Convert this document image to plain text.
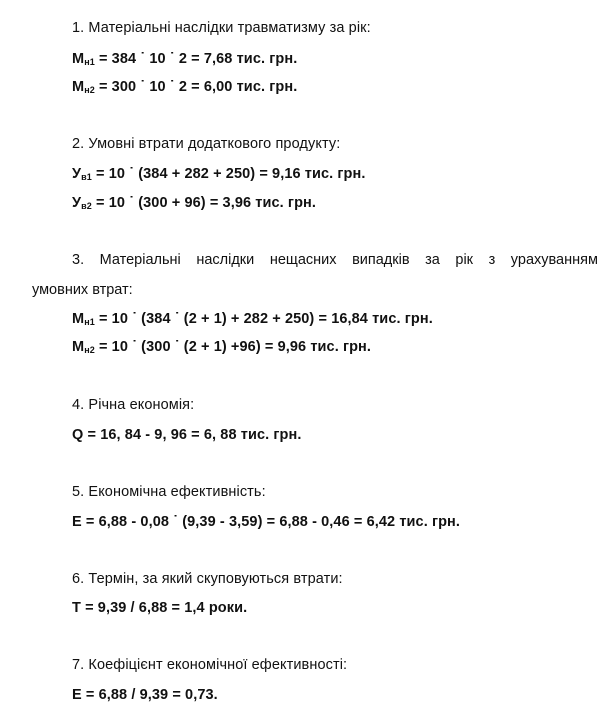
1. Матеріальні наслідки травматизму за рік:
$М_{н1} = 384$ ˙ 10 ˙ 2 = 7,68 тис. грн.
$М_{н2} = 300$ ˙ 10 ˙ 2 = 6,00 тис. грн.
2. Умовні втрати додаткового продукту:
$У_{в1} = 10$ ˙ (384 + 282 + 250) = 9,16 тис. грн.
$У_{в2} = 10$ ˙ (300 + 96) = 3,96 тис. грн.
3. Матеріальні наслідки нещасних випадків за рік з урахуванням
умовних втрат:
$М_{н1} = 10$ ˙ (384 ˙ (2 + 1) + 282 + 250) = 16,84 тис. грн.
$М_{н2} = 10$ ˙ (300 ˙ (2 + 1) +96) = 9,96 тис. грн.
4. Річна економія:
Q = 16, 84 - 9, 96 = 6, 88 тис. грн.
5. Економічна ефективність:
Е = 6,88 - 0,08 ˙ (9,39 - 3,59) = 6,88 - 0,46 = 6,42 тис. грн.
6. Термін, за який скуповуються втрати:
Т = 9,39 / 6,88 = 1,4 роки.
7. Коефіцієнт економічної ефективності:
Е = 6,88 / 9,39 = 0,73.
